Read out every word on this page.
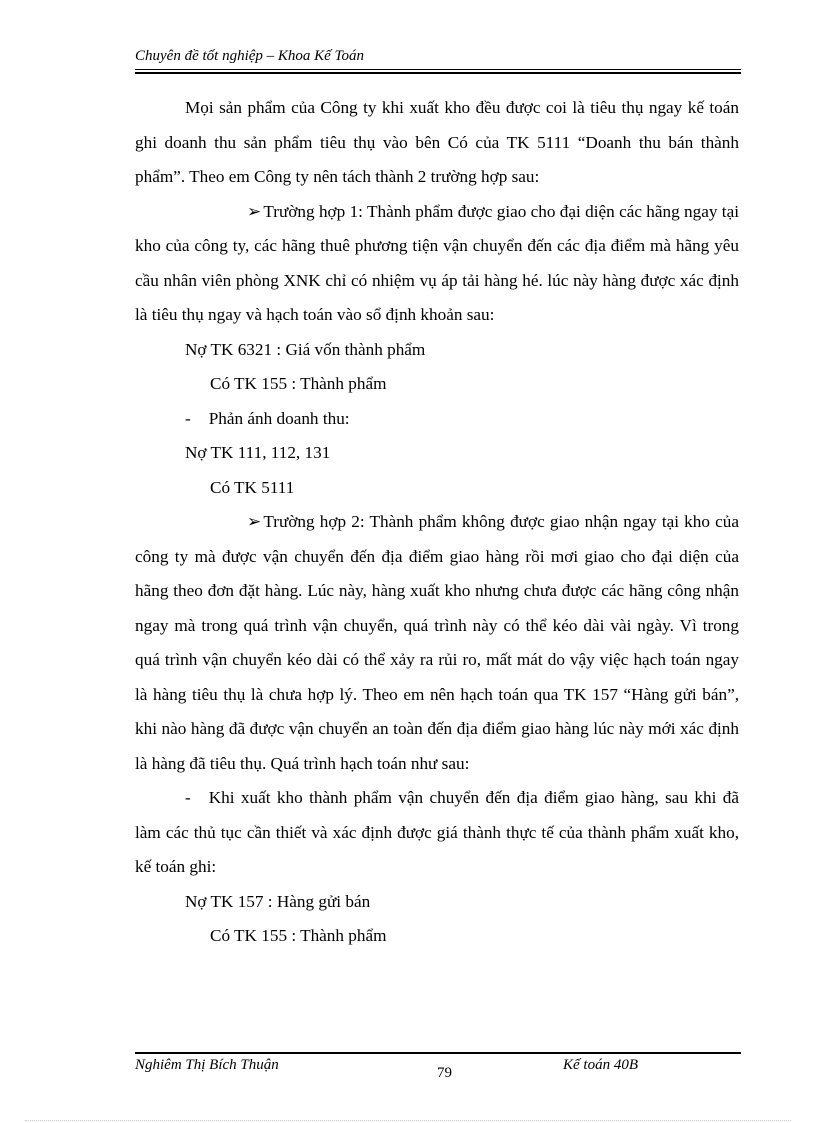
Chuyên đề tốt nghiệp – Khoa Kế Toán

Mọi sản phẩm của Công ty khi xuất kho đều được coi là tiêu thụ ngay kế toán ghi doanh thu sản phẩm tiêu thụ vào bên Có của TK 5111 “Doanh thu bán thành phẩm”. Theo em Công ty nên tách thành 2 trường hợp sau:

➢ Trường hợp 1: Thành phẩm được giao cho đại diện các hãng ngay tại kho của công ty, các hãng thuê phương tiện vận chuyển đến các địa điểm mà hãng yêu cầu nhân viên phòng XNK chỉ có nhiệm vụ áp tải hàng hé. lúc này hàng được xác định là tiêu thụ ngay và hạch toán vào sổ định khoản sau:

Nợ TK 6321 : Giá vốn thành phẩm
Có TK 155 : Thành phẩm
- Phản ánh doanh thu:
Nợ TK 111, 112, 131
Có TK 5111

➢ Trường hợp 2: Thành phẩm không được giao nhận ngay tại kho của công ty mà được vận chuyển đến địa điểm giao hàng rồi mơi giao cho đại diện của hãng theo đơn đặt hàng. Lúc này, hàng xuất kho nhưng chưa được các hãng công nhận ngay mà trong quá trình vận chuyển, quá trình này có thể kéo dài vài ngày. Vì trong quá trình vận chuyển kéo dài có thể xảy ra rủi ro, mất mát do vậy việc hạch toán ngay là hàng tiêu thụ là chưa hợp lý. Theo em nên hạch toán qua TK 157 “Hàng gửi bán”, khi nào hàng đã được vận chuyển an toàn đến địa điểm giao hàng lúc này mới xác định là hàng đã tiêu thụ. Quá trình hạch toán như sau:

- Khi xuất kho thành phẩm vận chuyển đến địa điểm giao hàng, sau khi đã làm các thủ tục cần thiết và xác định được giá thành thực tế của thành phẩm xuất kho, kế toán ghi:

Nợ TK 157 : Hàng gửi bán
Có TK 155 : Thành phẩm
Nghiêm Thị Bích Thuận	79	Kế toán 40B
